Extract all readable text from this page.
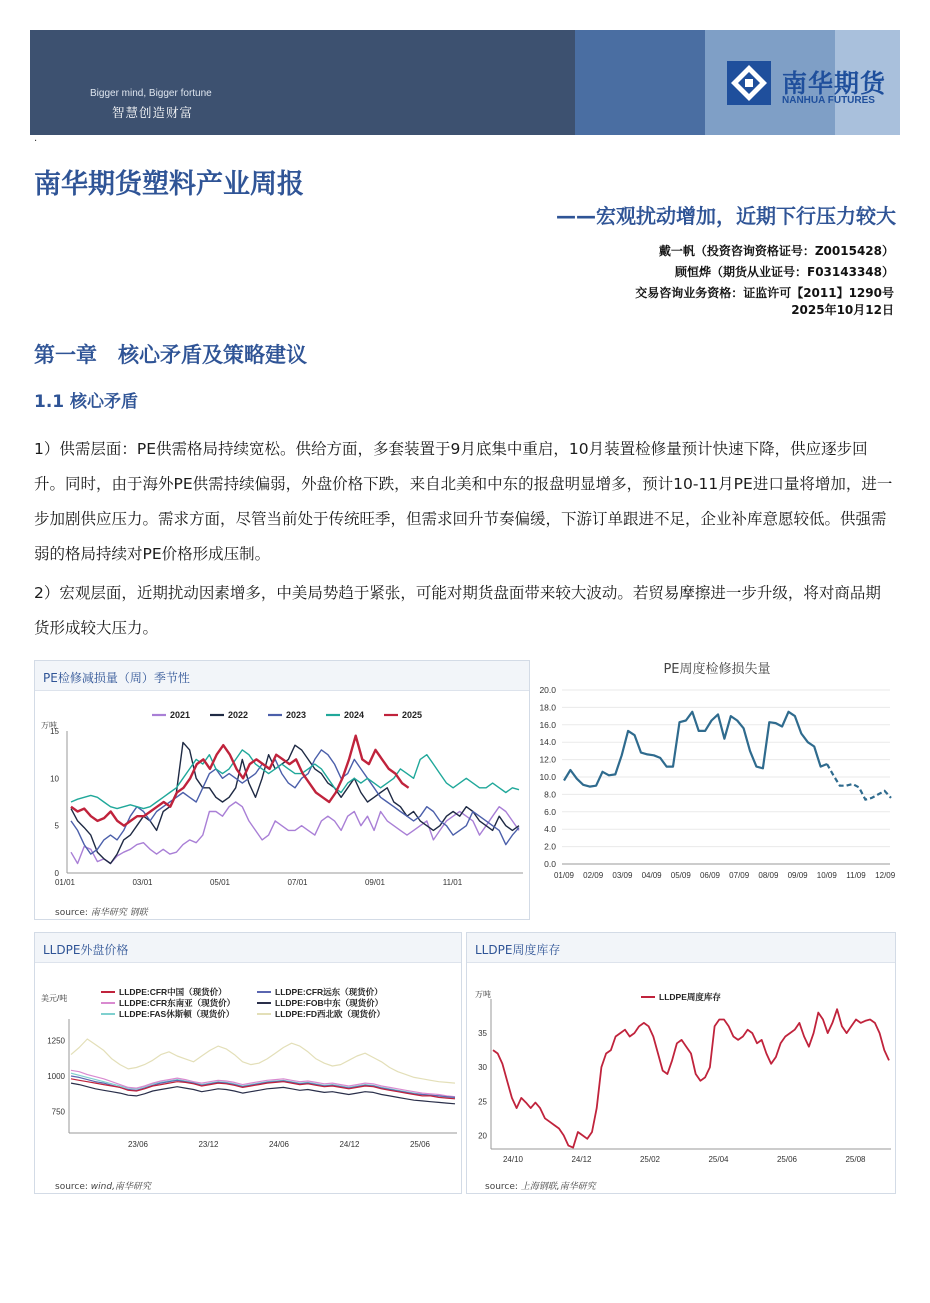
Bigger mind, Bigger fortune
智慧创造财富
南华期货
NANHUA FUTURES
·
南华期货塑料产业周报
——宏观扰动增加，近期下行压力较大
戴一帆（投资咨询资格证号：Z0015428）
顾恒烨（期货从业证号：F03143348）
交易咨询业务资格：证监许可【2011】1290号
2025年10月12日
第一章　核心矛盾及策略建议
1.1 核心矛盾
1）供需层面：PE供需格局持续宽松。供给方面，多套装置于9月底集中重启，10月装置检修量预计快速下降，供应逐步回升。同时，由于海外PE供需持续偏弱，外盘价格下跌，来自北美和中东的报盘明显增多，预计10-11月PE进口量将增加，进一步加剧供应压力。需求方面，尽管当前处于传统旺季，但需求回升节奏偏缓，下游订单跟进不足，企业补库意愿较低。供强需弱的格局持续对PE价格形成压制。
2）宏观层面，近期扰动因素增多，中美局势趋于紧张，可能对期货盘面带来较大波动。若贸易摩擦进一步升级，将对商品期货形成较大压力。
PE检修减损量（周）季节性
万吨
0
5
10
15
01/01	03/01	05/01	07/01	09/01	11/01
2021	2022	2023	2024	2025
source: 南华研究 钢联
PE周度检修损失量
0.0
2.0
4.0
6.0
8.0
10.0
12.0
14.0
16.0
18.0
20.0
01/09 02/09 03/09 04/09 05/09 06/09 07/09 08/09 09/09 10/09 11/09 12/09
LLDPE外盘价格
美元/吨
750
1000
1250
23/06	23/12	24/06	24/12	25/06
LLDPE:CFR中国（现货价）	LLDPE:CFR远东（现货价）
LLDPE:CFR东南亚（现货价）	LLDPE:FOB中东（现货价）
LLDPE:FAS休斯顿（现货价）	LLDPE:FD西北欧（现货价）
source: wind,南华研究
LLDPE周度库存
万吨
20
25
30
35
24/10	24/12	25/02	25/04	25/06	25/08
LLDPE周度库存
source: 上海钢联,南华研究
